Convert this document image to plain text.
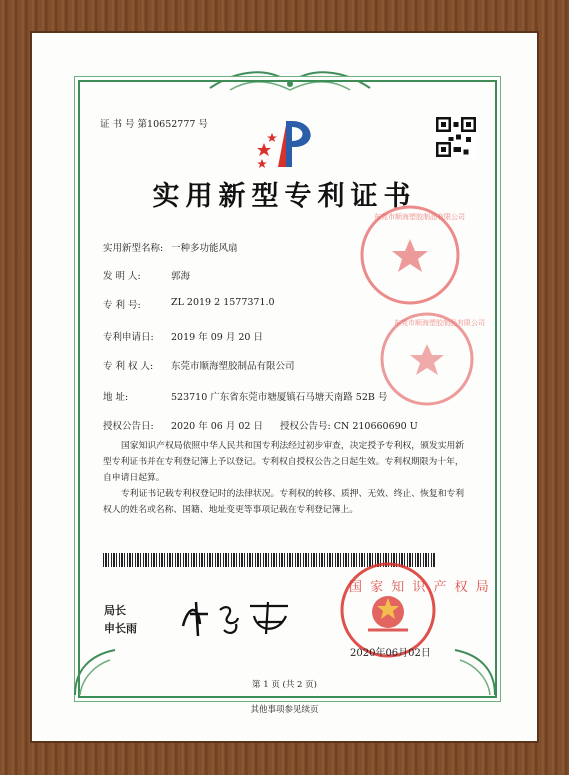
证 书 号 第10652777 号
实用新型专利证书
实用新型名称: 一种多功能风扇
发 明 人:	郭海
专 利 号:	ZL 2019 2 1577371.0
专利申请日: 2019 年 09 月 20 日
专 利 权 人: 东莞市顺海塑胶制品有限公司
地 址:	523710 广东省东莞市塘厦镇石马塘天南路 52B 号
授权公告日: 2020 年 06 月 02 日 授权公告号: CN 210660690 U
国家知识产权局依照中华人民共和国专利法经过初步审查，决定授予专利权，颁发实用新型专利证书并在专利登记簿上予以登记。专利权自授权公告之日起生效。专利权期限为十年，自申请日起算。
专利证书记载专利权登记时的法律状况。专利权的转移、质押、无效、终止、恢复和专利权人的姓名或名称、国籍、地址变更等事项记载在专利登记簿上。
局长
申长雨
国 家 知 识 产 权 局
2020年06月02日
东莞市顺海塑胶制品有限公司
东莞市顺海塑胶制品有限公司
第 1 页 (共 2 页)
其他事项参见续页
